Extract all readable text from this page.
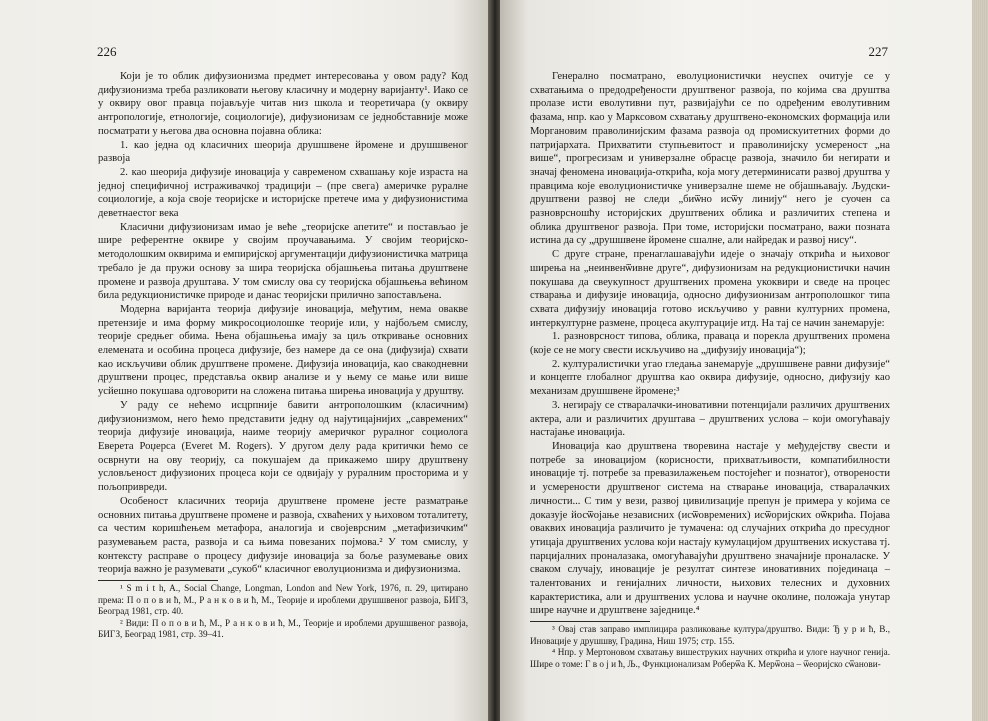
226

Који је то облик дифузионизма предмет интересовања у овом раду? Код дифузионизма треба разликовати његову класичну и модерну варијанту¹. Иако се у оквиру овог правца појављује читав низ школа и теоретичара (у оквиру антропологије, етнологије, социологије), дифузионизам се једнобставније може посматрати у његова два основна појавна облика:

1. као једна од класичних шеорија друшшвене йромене и друшшвеног развоја

2. као шеорија дифузије иновација у савременом схвашању које израста на једној специфичној истраживачкој традицији – (пре свега) америчке руралне социологије, а која своје теоријске и историјске претече има у дифузионистима деветнаестог века

Класични дифузионизам имао је веће „теоријске апетите“ и постављао је шире референтне оквире у својим проучавањима. У својим теоријско-методолошким оквирима и емпиријској аргументацији дифузионистичка матрица требало је да пружи основу за шира теоријска објашњења питања друштвене промене и развоја друштава. У том смислу ова су теоријска објашњења већином била редукционистичке природе и данас теоријски прилично запостављена.

Модерна варијанта теорија дифузије иновација, међутим, нема овакве претензије и има форму микросоциолошке теорије или, у најбољем смислу, теорије средњег обима. Њена објашњења имају за циљ откривање основних елемената и особина процеса дифузије, без намере да се она (дифузија) схвати као искључиви облик друштвене промене. Дифузија иновација, као свакодневни друштвени процес, представља оквир анализе и у њему се мање или више усйешно покушава одговорити на сложена питања ширења иновација у друштву.

У раду се нећемо исцрпније бавити антрополошким (класичним) дифузионизмом, него ћемо представити једну од најутицајнијих „савремених“ теорија дифузије иновација, наиме теорију америчког руралног социолога Еверета Роџерса (Everet M. Rogers). У другом делу рада критички ћемо се осврнути на ову теорију, са покушајем да прикажемо ширу друштвену условљеност дифузионих процеса који се одвијају у руралним просторима и у пољопривреди.

Особеност класичних теорија друштвене промене јесте разматрање основних питања друштвене промене и развоја, схваћених у њиховом тоталитету, са честим коришћењем метафора, аналогија и својеврсним „метафизичким“ разумевањем раста, развоја и са њима повезаних појмова.² У том смислу, у контексту расправе о процесу дифузије иновација за боље разумевање ових теорија важно је разумевати „сукоб“ класичног еволуционизма и дифузионизма.

¹ S m i t h, A., Social Change, Longman, London and New York, 1976, п. 29, цитирано према: П о п о в и ћ, М., Р а н к о в и ћ, М., Теорије и ироблеми друшшвеног развоја, БИГЗ, Београд 1981, стр. 40.

² Види: П о п о в и ћ, М., Р а н к о в и ћ, М., Теорије и ироблеми друшшвеног развоја, БИГЗ, Београд 1981, стр. 39–41.

227

Генерално посматрано, еволуционистички неуспех очитује се у схватањима о предодређености друштвеног развоја, по којима сва друштва пролазе исти еволутивни пут, развијајући се по одређеним еволутивним фазама, нпр. као у Марксовом схватању друштвено-економских формација или Моргановим праволинијским фазама развоја од промискуитетних форми до патријархата. Прихватити ступњевитост и праволинијску усмереност „на више“, прогресизам и универзалне обрасце развоја, значило би негирати и значај феномена иновација-открића, која могу детерминисати развој друштва у правцима које еволуционистичке универзалне шеме не објашњавају. Људски-друштвени развој не следи „биѿно исѿу линију“ него је суочен са разноврсношћу историјских друштвених облика и различитих степена и облика друштвеног развоја. При томе, историјски посматрано, важи позната истина да су „друшшвене йромене сшалне, али найредак и развој нису“.

С друге стране, пренаглашавајући идеје о значају открића и њиховог ширења на „неинвенѿивне друге“, дифузионизам на редукционистички начин покушава да свеукупност друштвених промена укоквири и сведе на процес стварања и дифузије иновација, односно дифузионизам антрополошког типа схвата дифузију иновација готово искључиво у равни културних промена, интеркултурне размене, процеса акултурације итд. На тај се начин занемарује:

1. разноврсност типова, облика, праваца и порекла друштвених промена (које се не могу свести искључиво на „дифузију иновација“);

2. културалистички угао гледања занемарује „друшшвене равни дифузије“ и концепте глобалног друштва као оквира дифузије, односно, дифузију као механизам друшшвене йромене;³

3. негирају се стваралачки-иновативни потенцијали различих друштвених актера, али и различитих друштава – друштвених услова – који омогућавају настајање иновација.

Иновација као друштвена творевина настаје у међудејству свести и потребе за иновацијом (корисности, прихватљивости, компатибилности иновације тј. потребе за превазилажењем постојећег и познатог), отворености и усмерености друштвеног система на стварање иновација, стваралачких личности... С тим у вези, развој цивилизације препун је примера у којима се доказује йосѿојање независних (исѿовремених) исѿоријских оѿкрића. Појава оваквих иновација различито је тумачена: од случајних открића до пресудног утицаја друштвених услова који настају кумулацијом друштвених искустава тј. парцијалних проналазака, омогућавајући друштвено значајније проналаске. У сваком случају, иновације је резултат синтезе иновативних појединаца – талентованих и генијалних личности, њихових телесних и духовних карактеристика, али и друштвених услова и научне околине, положаја унутар шире научне и друштвене заједнице.⁴

³ Овај став заправо имплицира разликовање култура/друштво. Види: Ђ у р и ћ, В., Иновације у друшшву, Градина, Ниш 1975; стр. 155.

⁴ Нпр. у Мертоновом схватању вишеструких научних открића и улоге научног генија. Шире о томе: Г в о ј и ћ, Љ., Функционализам Роберѿа К. Мерѿона – ѿеоријско сѿанови-
